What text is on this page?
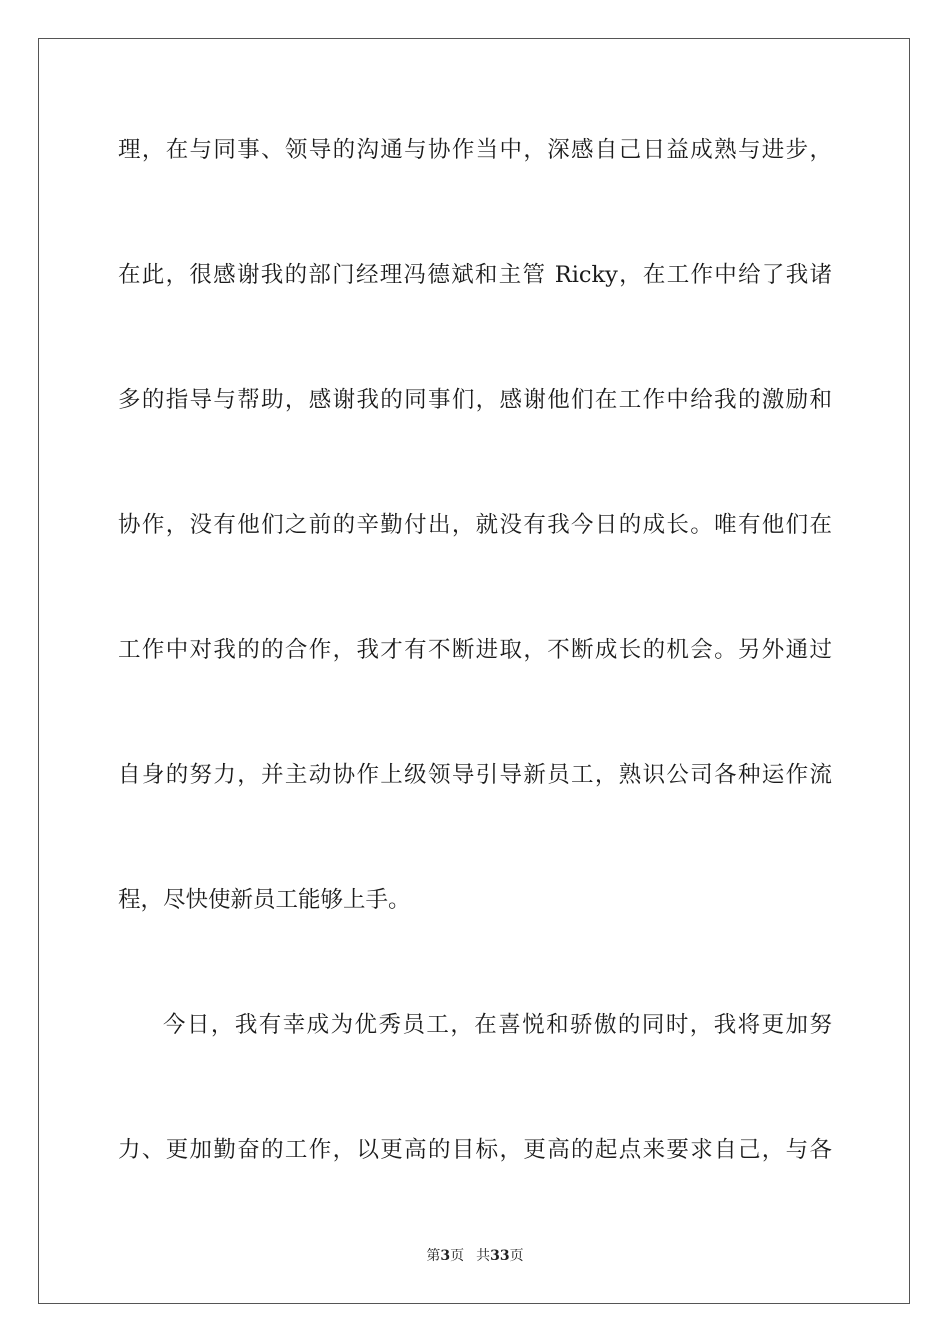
理，在与同事、领导的沟通与协作当中，深感自己日益成熟与进步，
在此，很感谢我的部门经理冯德斌和主管 Ricky，在工作中给了我诸
多的指导与帮助，感谢我的同事们，感谢他们在工作中给我的激励和
协作，没有他们之前的辛勤付出，就没有我今日的成长。唯有他们在
工作中对我的的合作，我才有不断进取，不断成长的机会。另外通过
自身的努力，并主动协作上级领导引导新员工，熟识公司各种运作流
程，尽快使新员工能够上手。
今日，我有幸成为优秀员工，在喜悦和骄傲的同时，我将更加努
力、更加勤奋的工作，以更高的目标，更高的起点来要求自己，与各
第3页 共33页
